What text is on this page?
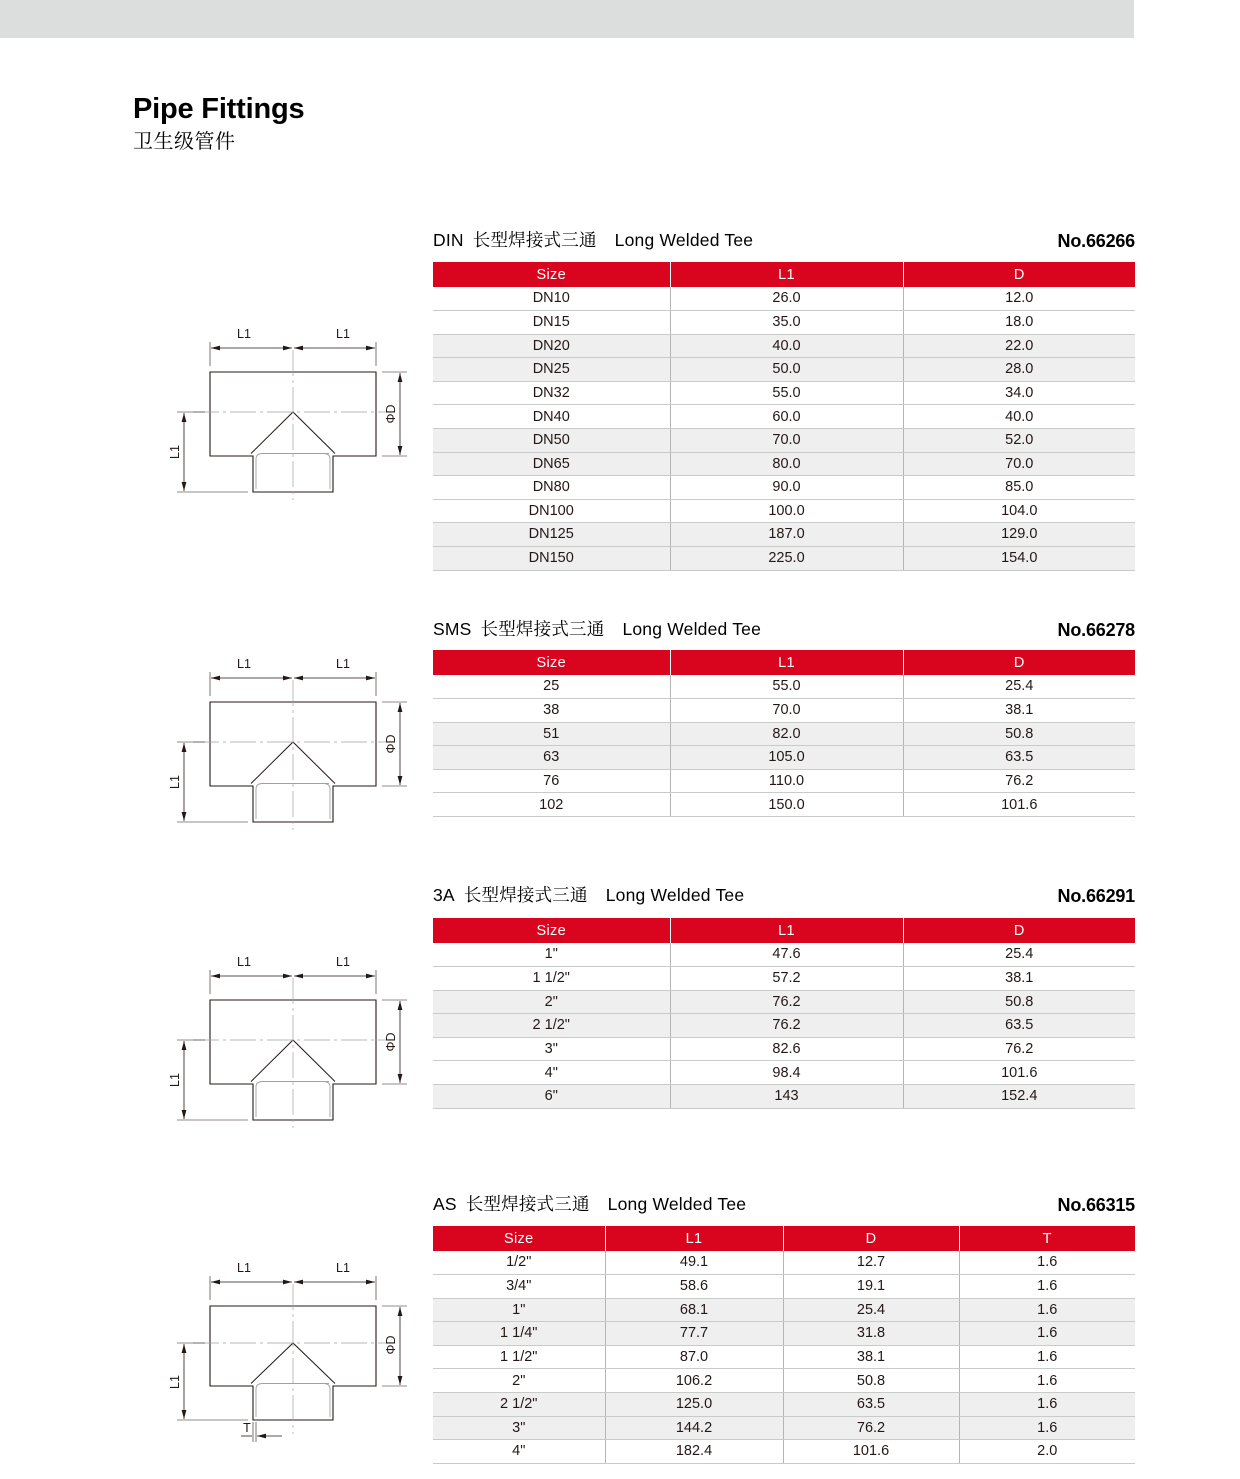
Pipe Fittings
卫生级管件
DIN 长型焊接式三通 Long Welded Tee	No.66266
Size	L1	D
DN10	26.0	12.0
DN15	35.0	18.0
DN20	40.0	22.0
DN25	50.0	28.0
DN32	55.0	34.0
DN40	60.0	40.0
DN50	70.0	52.0
DN65	80.0	70.0
DN80	90.0	85.0
DN100	100.0	104.0
DN125	187.0	129.0
DN150	225.0	154.0
L1	L1
ΦD
L1
SMS 长型焊接式三通 Long Welded Tee	No.66278
Size	L1	D
25	55.0	25.4
38	70.0	38.1
51	82.0	50.8
63	105.0	63.5
76	110.0	76.2
102	150.0	101.6
L1	L1
ΦD
L1
3A 长型焊接式三通 Long Welded Tee	No.66291
Size	L1	D
1"	47.6	25.4
1 1/2"	57.2	38.1
2"	76.2	50.8
2 1/2"	76.2	63.5
3"	82.6	76.2
4"	98.4	101.6
6"	143	152.4
L1	L1
ΦD
L1
AS 长型焊接式三通 Long Welded Tee	No.66315
Size	L1	D	T
1/2"	49.1	12.7	1.6
3/4"	58.6	19.1	1.6
1"	68.1	25.4	1.6
1 1/4"	77.7	31.8	1.6
1 1/2"	87.0	38.1	1.6
2"	106.2	50.8	1.6
2 1/2"	125.0	63.5	1.6
3"	144.2	76.2	1.6
4"	182.4	101.6	2.0
L1	L1
ΦD
L1
T
